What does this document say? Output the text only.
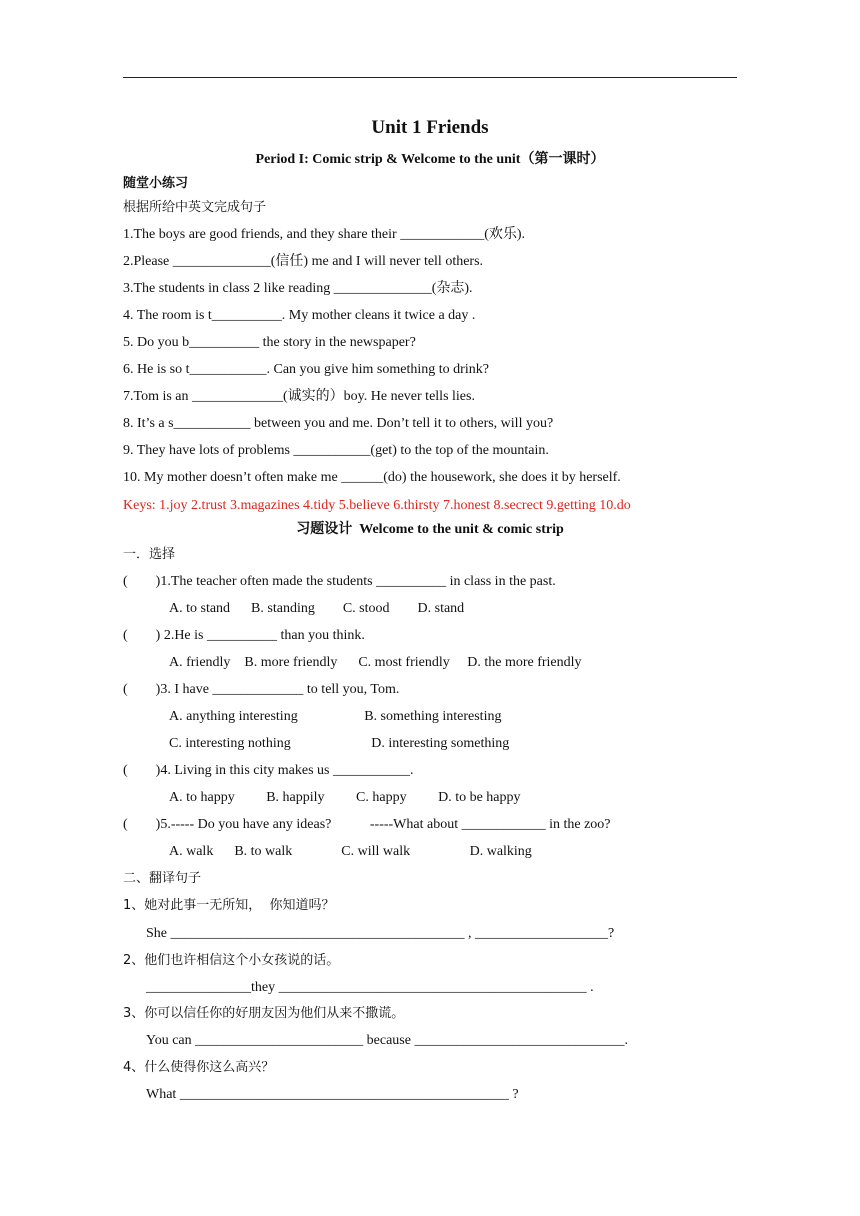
Unit 1 Friends
Period I: Comic strip & Welcome to the unit（第一课时）
随堂小练习
根据所给中英文完成句子
1.The boys are good friends, and they share their ____________(欢乐).
2.Please ______________(信任) me and I will never tell others.
3.The students in class 2 like reading ______________(杂志).
4. The room is t__________. My mother cleans it twice a day .
5. Do you b__________ the story in the newspaper?
6. He is so t___________. Can you give him something to drink?
7.Tom is an _____________(诚实的）boy. He never tells lies.
8. It’s a s___________ between you and me. Don’t tell it to others, will you?
9. They have lots of problems ___________(get) to the top of the mountain.
10. My mother doesn’t often make me ______(do) the housework, she does it by herself.
Keys: 1.joy 2.trust 3.magazines 4.tidy 5.believe 6.thirsty 7.honest 8.secrect 9.getting 10.do
习题设计  Welcome to the unit & comic strip
一．选择
(        )1.The teacher often made the students __________ in class in the past.
A. to stand      B. standing        C. stood        D. stand
(        ) 2.He is __________ than you think.
A. friendly    B. more friendly      C. most friendly     D. the more friendly
(        )3. I have _____________ to tell you, Tom.
A. anything interesting                   B. something interesting
C. interesting nothing                       D. interesting something
(        )4. Living in this city makes us ___________.
A. to happy         B. happily         C. happy         D. to be happy
(        )5.----- Do you have any ideas?           -----What about ____________ in the zoo?
A. walk      B. to walk              C. will walk                 D. walking
二、翻译句子
1、她对此事一无所知，  你知道吗？
She __________________________________________ , ___________________?
2、他们也许相信这个小女孩说的话。
_______________they ____________________________________________ .
3、你可以信任你的好朋友因为他们从来不撒谎。
You can ________________________ because ______________________________.
4、什么使得你这么高兴？
What _______________________________________________ ?
